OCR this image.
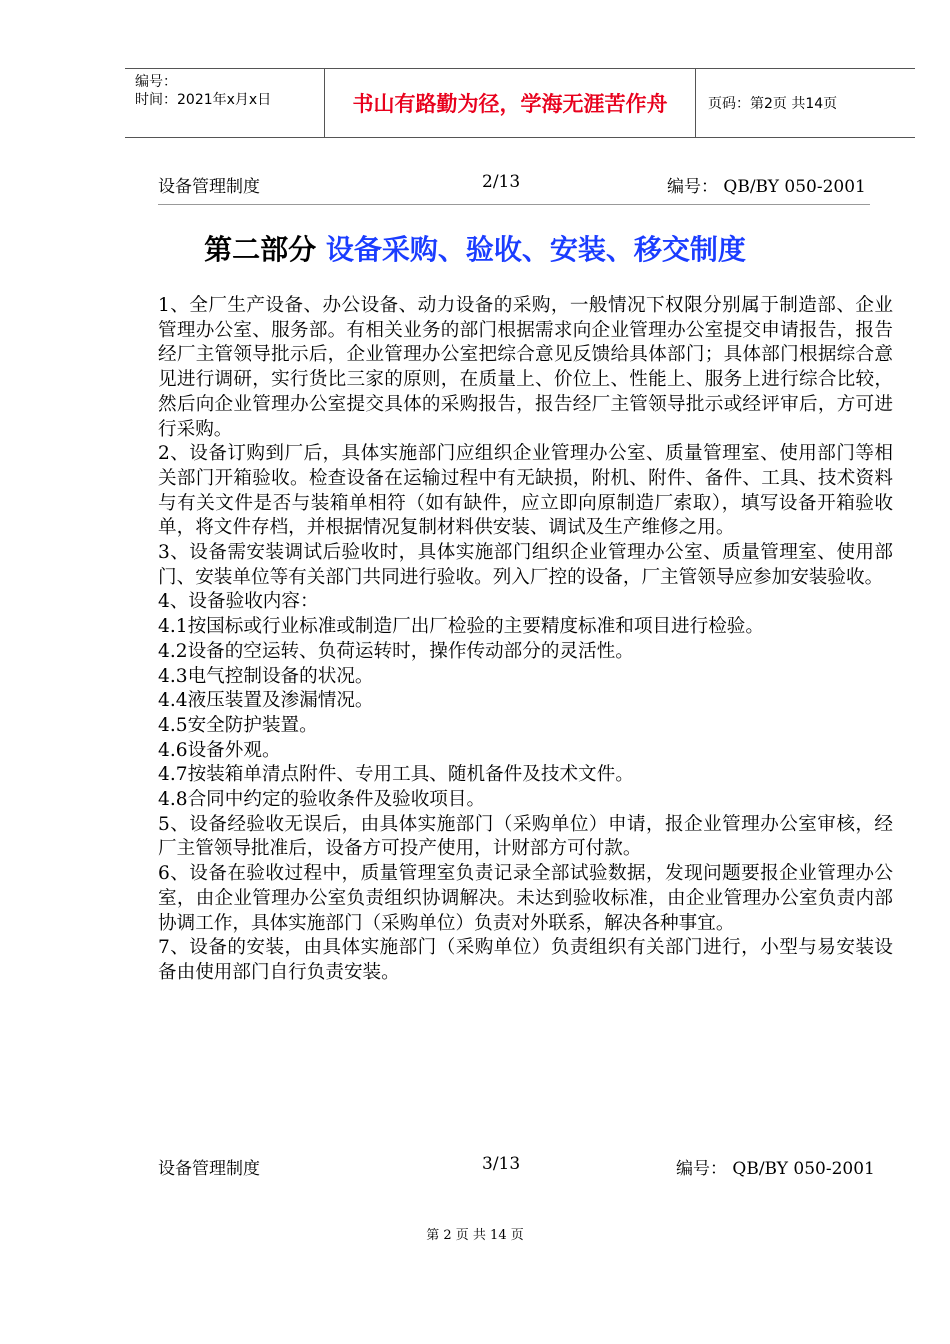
编号：
时间：2021年x月x日	书山有路勤为径，学海无涯苦作舟	页码：第2页 共14页
设备管理制度	2/13	编号： QB/BY 050-2001
第二部分 设备采购、验收、安装、移交制度

1、全厂生产设备、办公设备、动力设备的采购，一般情况下权限分别属于制造部、企业管理办公室、服务部。有相关业务的部门根据需求向企业管理办公室提交申请报告，报告经厂主管领导批示后，企业管理办公室把综合意见反馈给具体部门；具体部门根据综合意见进行调研，实行货比三家的原则，在质量上、价位上、性能上、服务上进行综合比较，然后向企业管理办公室提交具体的采购报告，报告经厂主管领导批示或经评审后，方可进行采购。

2、设备订购到厂后，具体实施部门应组织企业管理办公室、质量管理室、使用部门等相关部门开箱验收。检查设备在运输过程中有无缺损，附机、附件、备件、工具、技术资料与有关文件是否与装箱单相符（如有缺件，应立即向原制造厂索取），填写设备开箱验收单，将文件存档，并根据情况复制材料供安装、调试及生产维修之用。

3、设备需安装调试后验收时，具体实施部门组织企业管理办公室、质量管理室、使用部门、安装单位等有关部门共同进行验收。列入厂控的设备，厂主管领导应参加安装验收。

4、设备验收内容：

4.1按国标或行业标准或制造厂出厂检验的主要精度标准和项目进行检验。

4.2设备的空运转、负荷运转时，操作传动部分的灵活性。

4.3电气控制设备的状况。

4.4液压装置及渗漏情况。

4.5安全防护装置。

4.6设备外观。

4.7按装箱单清点附件、专用工具、随机备件及技术文件。

4.8合同中约定的验收条件及验收项目。

5、设备经验收无误后，由具体实施部门（采购单位）申请，报企业管理办公室审核，经厂主管领导批准后，设备方可投产使用，计财部方可付款。

6、设备在验收过程中，质量管理室负责记录全部试验数据，发现问题要报企业管理办公室，由企业管理办公室负责组织协调解决。未达到验收标准，由企业管理办公室负责内部协调工作，具体实施部门（采购单位）负责对外联系，解决各种事宜。

7、设备的安装，由具体实施部门（采购单位）负责组织有关部门进行，小型与易安装设备由使用部门自行负责安装。

设备管理制度	3/13	编号： QB/BY 050-2001
第 2 页 共 14 页
